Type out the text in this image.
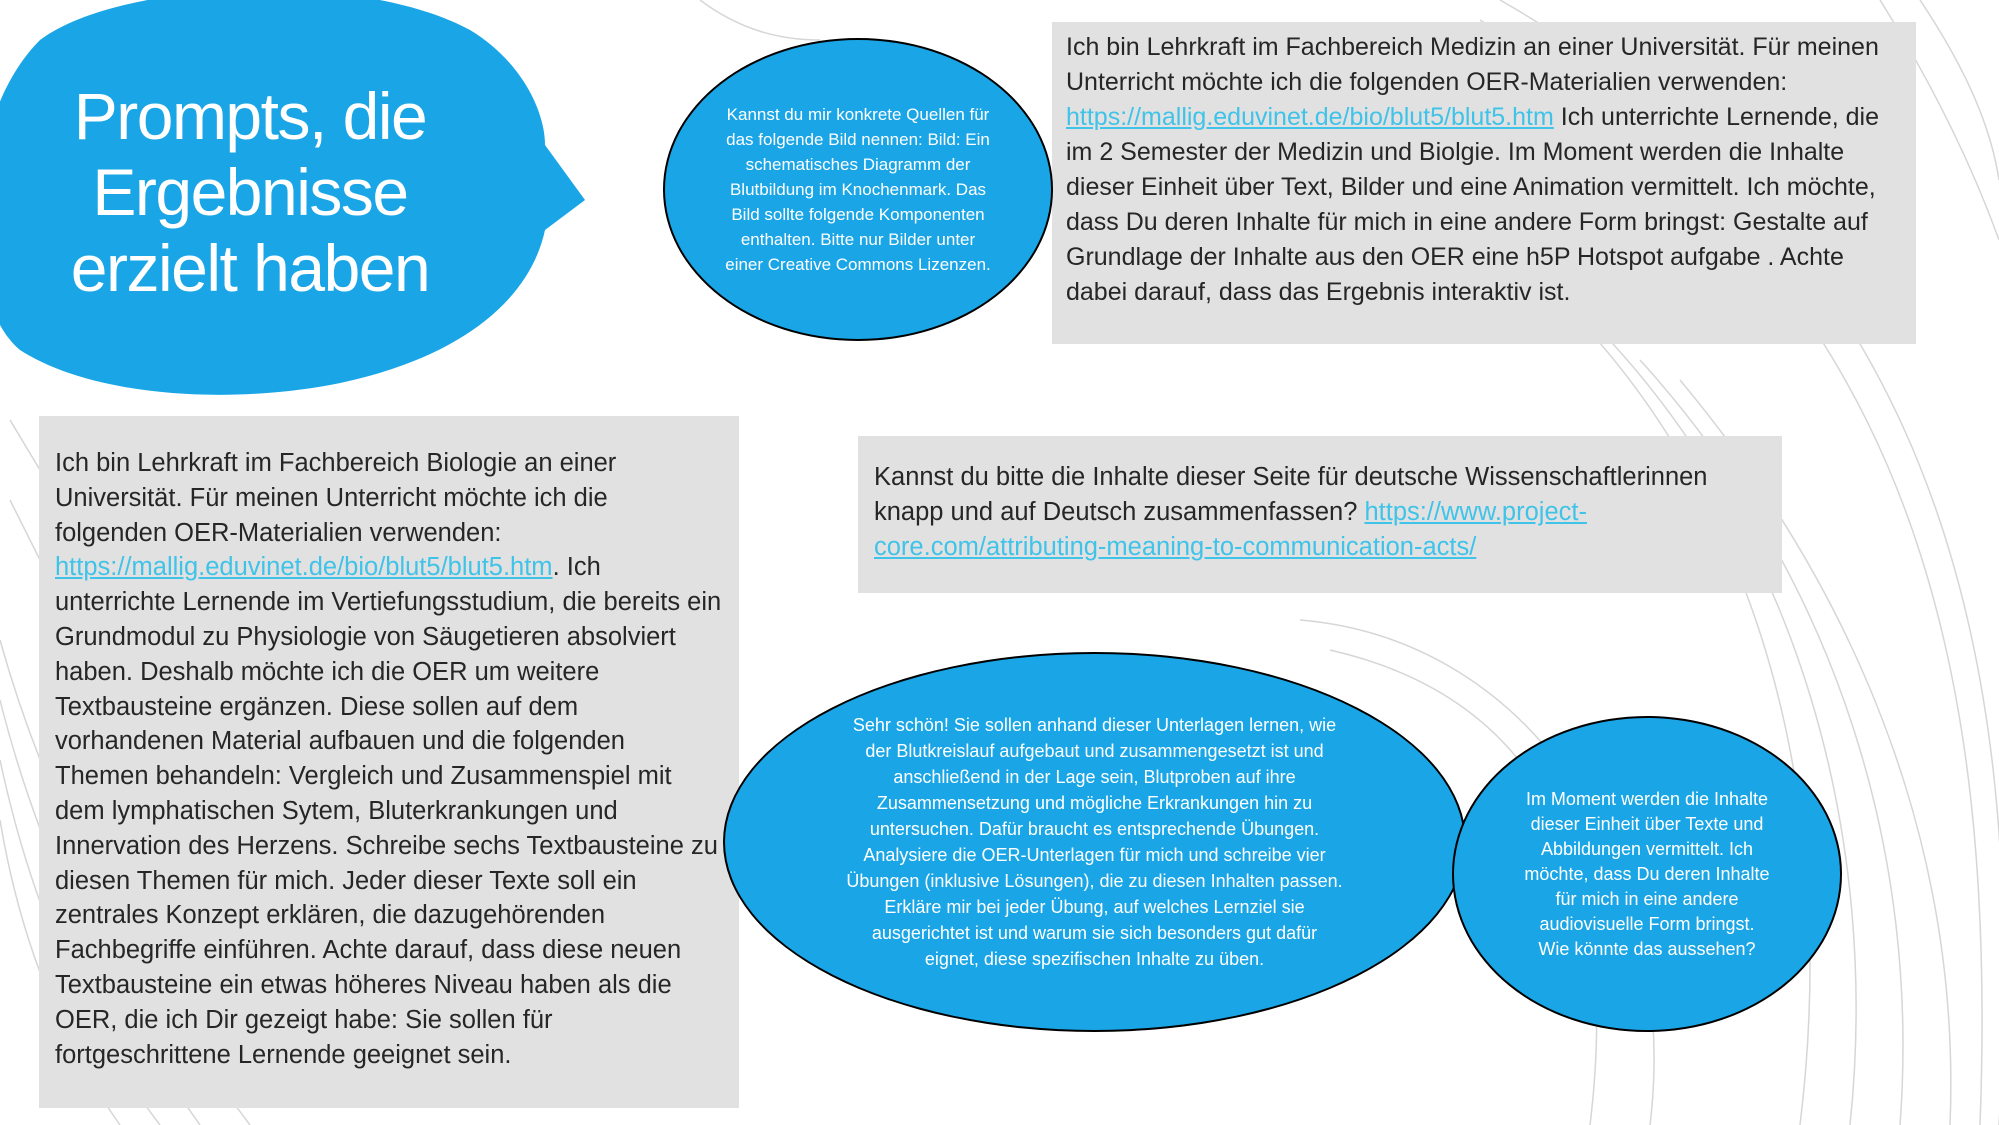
Prompts, die
Ergebnisse
erzielt haben
Ich bin Lehrkraft im Fachbereich Medizin an einer Universität. Für meinen Unterricht möchte ich die folgenden OER-Materialien verwenden: https://mallig.eduvinet.de/bio/blut5/blut5.htm Ich unterrichte Lernende, die im 2 Semester der Medizin und Biolgie. Im Moment werden die Inhalte dieser Einheit über Text, Bilder und eine Animation vermittelt. Ich möchte, dass Du deren Inhalte für mich in eine andere Form bringst: Gestalte auf Grundlage der Inhalte aus den OER eine h5P Hotspot aufgabe . Achte dabei darauf, dass das Ergebnis interaktiv ist.
Ich bin Lehrkraft im Fachbereich Biologie an einer Universität. Für meinen Unterricht möchte ich die folgenden OER-Materialien verwenden: https://mallig.eduvinet.de/bio/blut5/blut5.htm. Ich unterrichte Lernende im Vertiefungsstudium, die bereits ein Grundmodul zu Physiologie von Säugetieren absolviert haben. Deshalb möchte ich die OER um weitere Textbausteine ergänzen. Diese sollen auf dem vorhandenen Material aufbauen und die folgenden Themen behandeln: Vergleich und Zusammenspiel mit dem lymphatischen Sytem, Bluterkrankungen und Innervation des Herzens. Schreibe sechs Textbausteine zu diesen Themen für mich. Jeder dieser Texte soll ein zentrales Konzept erklären, die dazugehörenden Fachbegriffe einführen. Achte darauf, dass diese neuen Textbausteine ein etwas höheres Niveau haben als die OER, die ich Dir gezeigt habe: Sie sollen für fortgeschrittene Lernende geeignet sein.
Kannst du bitte die Inhalte dieser Seite für deutsche Wissenschaftlerinnen knapp und auf Deutsch zusammenfassen? https://www.project-core.com/attributing-meaning-to-communication-acts/
Kannst du mir konkrete Quellen für das folgende Bild nennen: Bild: Ein schematisches Diagramm der Blutbildung im Knochenmark. Das Bild sollte folgende Komponenten enthalten. Bitte nur Bilder unter einer Creative Commons Lizenzen.
Sehr schön! Sie sollen anhand dieser Unterlagen lernen, wie der Blutkreislauf aufgebaut und zusammengesetzt ist und anschließend in der Lage sein, Blutproben auf ihre Zusammensetzung und mögliche Erkrankungen hin zu untersuchen. Dafür braucht es entsprechende Übungen. Analysiere die OER-Unterlagen für mich und schreibe vier Übungen (inklusive Lösungen), die zu diesen Inhalten passen. Erkläre mir bei jeder Übung, auf welches Lernziel sie ausgerichtet ist und warum sie sich besonders gut dafür eignet, diese spezifischen Inhalte zu üben.
Im Moment werden die Inhalte dieser Einheit über Texte und Abbildungen vermittelt. Ich möchte, dass Du deren Inhalte für mich in eine andere audiovisuelle Form bringst. Wie könnte das aussehen?
